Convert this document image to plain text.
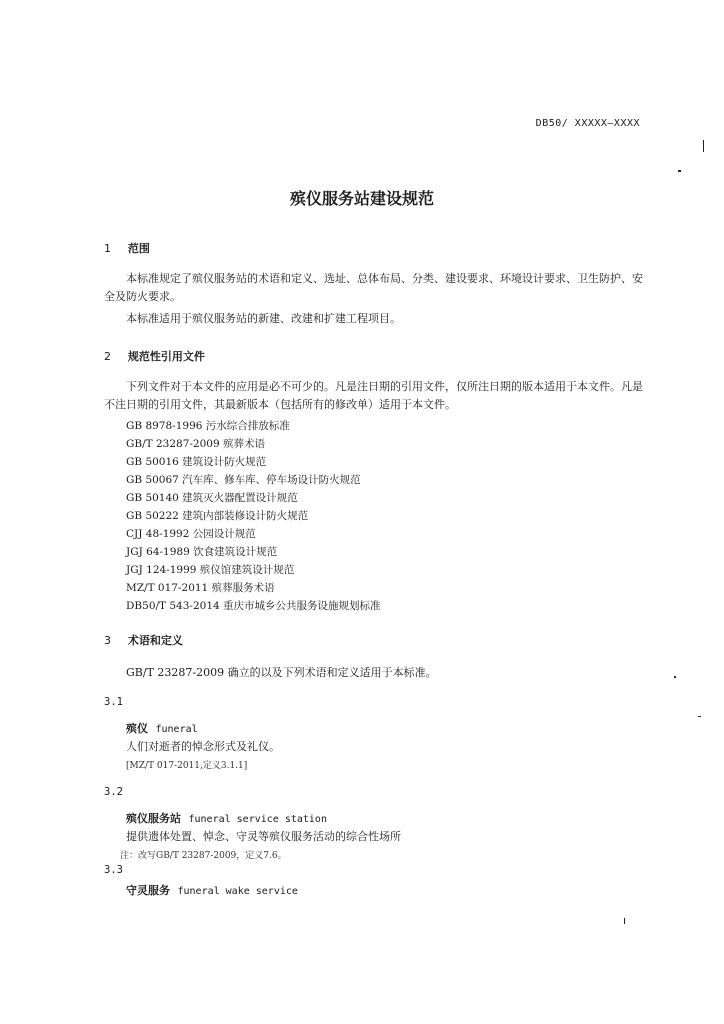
DB50/ XXXXX—XXXX
殡仪服务站建设规范
1 范围
本标准规定了殡仪服务站的术语和定义、选址、总体布局、分类、建设要求、环境设计要求、卫生防护、安全及防火要求。
本标准适用于殡仪服务站的新建、改建和扩建工程项目。
2 规范性引用文件
下列文件对于本文件的应用是必不可少的。凡是注日期的引用文件，仅所注日期的版本适用于本文件。凡是不注日期的引用文件，其最新版本（包括所有的修改单）适用于本文件。
GB 8978-1996 污水综合排放标准
GB/T 23287-2009 殡葬术语
GB 50016 建筑设计防火规范
GB 50067 汽车库、修车库、停车场设计防火规范
GB 50140 建筑灭火器配置设计规范
GB 50222 建筑内部装修设计防火规范
CJJ 48-1992 公园设计规范
JGJ 64-1989 饮食建筑设计规范
JGJ 124-1999 殡仪馆建筑设计规范
MZ/T 017-2011 殡葬服务术语
DB50/T 543-2014 重庆市城乡公共服务设施规划标准
3 术语和定义
GB/T 23287-2009 确立的以及下列术语和定义适用于本标准。
3.1
殡仪 funeral
人们对逝者的悼念形式及礼仪。
[MZ/T 017-2011,定义3.1.1]
3.2
殡仪服务站 funeral service station
提供遗体处置、悼念、守灵等殡仪服务活动的综合性场所
注：改写GB/T 23287-2009，定义7.6。
3.3
守灵服务 funeral wake service
